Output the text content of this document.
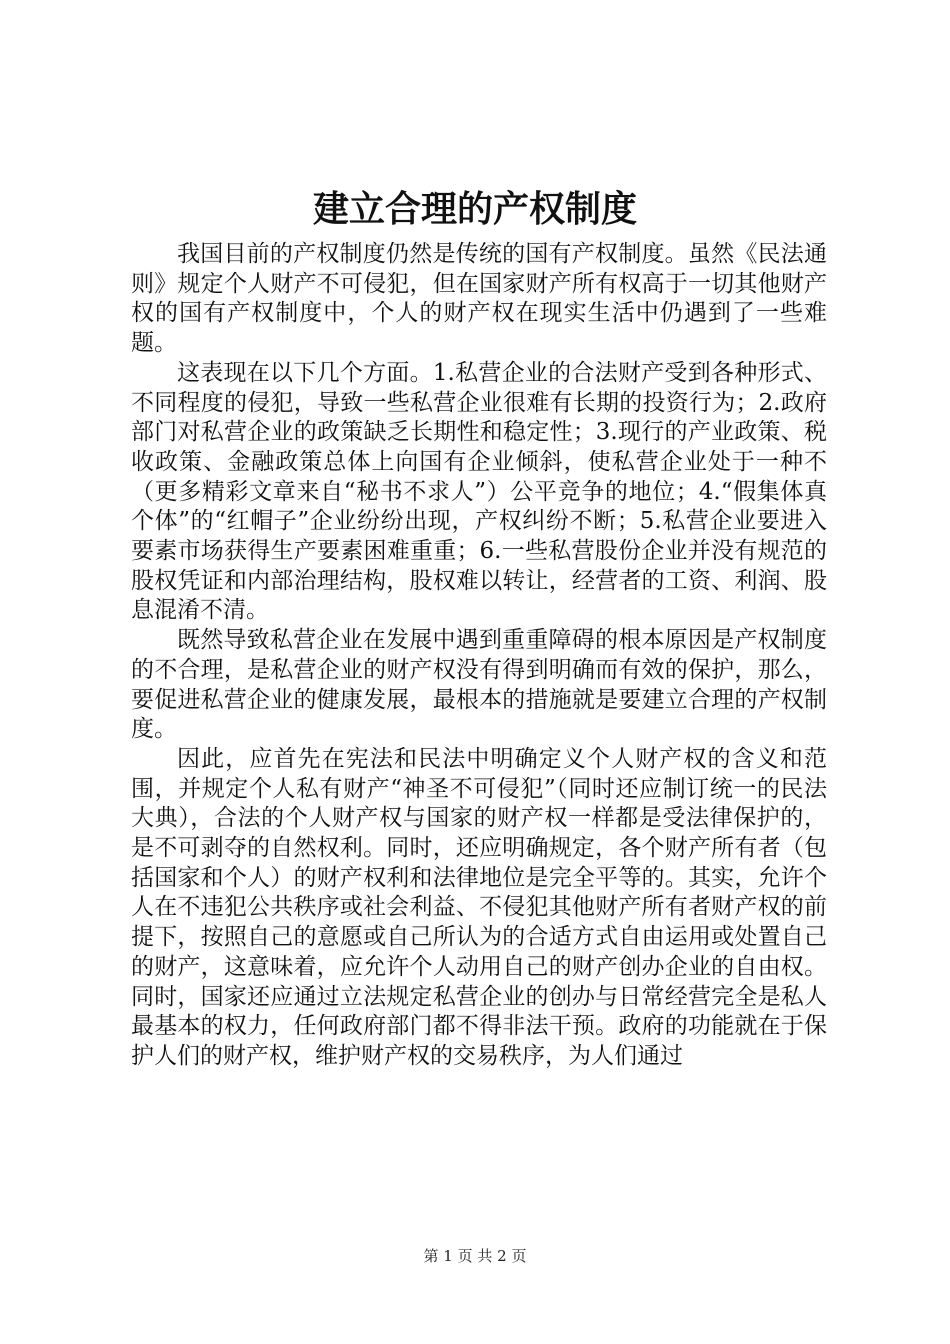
建立合理的产权制度

我国目前的产权制度仍然是传统的国有产权制度。虽然《民法通则》规定个人财产不可侵犯，但在国家财产所有权高于一切其他财产权的国有产权制度中，个人的财产权在现实生活中仍遇到了一些难题。

这表现在以下几个方面。1.私营企业的合法财产受到各种形式、不同程度的侵犯，导致一些私营企业很难有长期的投资行为；2.政府部门对私营企业的政策缺乏长期性和稳定性；3.现行的产业政策、税收政策、金融政策总体上向国有企业倾斜，使私营企业处于一种不（更多精彩文章来自“秘书不求人”）公平竞争的地位；4.“假集体真个体”的“红帽子”企业纷纷出现，产权纠纷不断；5.私营企业要进入要素市场获得生产要素困难重重；6.一些私营股份企业并没有规范的股权凭证和内部治理结构，股权难以转让，经营者的工资、利润、股息混淆不清。

既然导致私营企业在发展中遇到重重障碍的根本原因是产权制度的不合理，是私营企业的财产权没有得到明确而有效的保护，那么，要促进私营企业的健康发展，最根本的措施就是要建立合理的产权制度。

因此，应首先在宪法和民法中明确定义个人财产权的含义和范围，并规定个人私有财产“神圣不可侵犯”（同时还应制订统一的民法大典），合法的个人财产权与国家的财产权一样都是受法律保护的，是不可剥夺的自然权利。同时，还应明确规定，各个财产所有者（包括国家和个人）的财产权利和法律地位是完全平等的。其实，允许个人在不违犯公共秩序或社会利益、不侵犯其他财产所有者财产权的前提下，按照自己的意愿或自己所认为的合适方式自由运用或处置自己的财产，这意味着，应允许个人动用自己的财产创办企业的自由权。同时，国家还应通过立法规定私营企业的创办与日常经营完全是私人最基本的权力，任何政府部门都不得非法干预。政府的功能就在于保护人们的财产权，维护财产权的交易秩序，为人们通过

第 1 页 共 2 页
